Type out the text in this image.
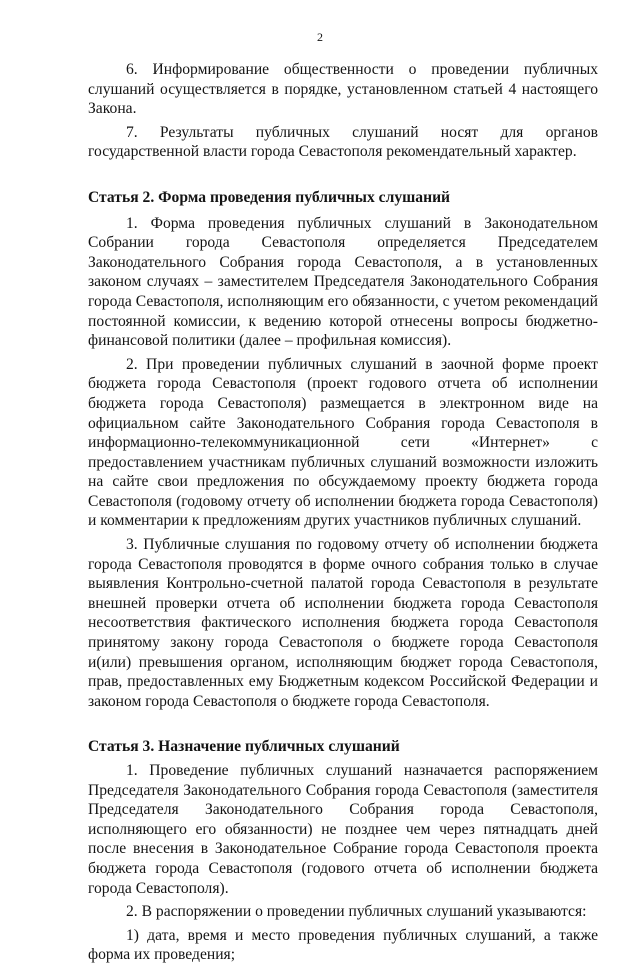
2

6. Информирование общественности о проведении публичных слушаний осуществляется в порядке, установленном статьей 4 настоящего Закона.

7. Результаты публичных слушаний носят для органов государственной власти города Севастополя рекомендательный характер.

Статья 2. Форма проведения публичных слушаний

1. Форма проведения публичных слушаний в Законодательном Собрании города Севастополя определяется Председателем Законодательного Собрания города Севастополя, а в установленных законом случаях – заместителем Председателя Законодательного Собрания города Севастополя, исполняющим его обязанности, с учетом рекомендаций постоянной комиссии, к ведению которой отнесены вопросы бюджетно-финансовой политики (далее – профильная комиссия).

2. При проведении публичных слушаний в заочной форме проект бюджета города Севастополя (проект годового отчета об исполнении бюджета города Севастополя) размещается в электронном виде на официальном сайте Законодательного Собрания города Севастополя в информационно-телекоммуникационной сети «Интернет» с предоставлением участникам публичных слушаний возможности изложить на сайте свои предложения по обсуждаемому проекту бюджета города Севастополя (годовому отчету об исполнении бюджета города Севастополя) и комментарии к предложениям других участников публичных слушаний.

3. Публичные слушания по годовому отчету об исполнении бюджета города Севастополя проводятся в форме очного собрания только в случае выявления Контрольно-счетной палатой города Севастополя в результате внешней проверки отчета об исполнении бюджета города Севастополя несоответствия фактического исполнения бюджета города Севастополя принятому закону города Севастополя о бюджете города Севастополя и(или) превышения органом, исполняющим бюджет города Севастополя, прав, предоставленных ему Бюджетным кодексом Российской Федерации и законом города Севастополя о бюджете города Севастополя.

Статья 3. Назначение публичных слушаний

1. Проведение публичных слушаний назначается распоряжением Председателя Законодательного Собрания города Севастополя (заместителя Председателя Законодательного Собрания города Севастополя, исполняющего его обязанности) не позднее чем через пятнадцать дней после внесения в Законодательное Собрание города Севастополя проекта бюджета города Севастополя (годового отчета об исполнении бюджета города Севастополя).

2. В распоряжении о проведении публичных слушаний указываются:

1) дата, время и место проведения публичных слушаний, а также форма их проведения;
